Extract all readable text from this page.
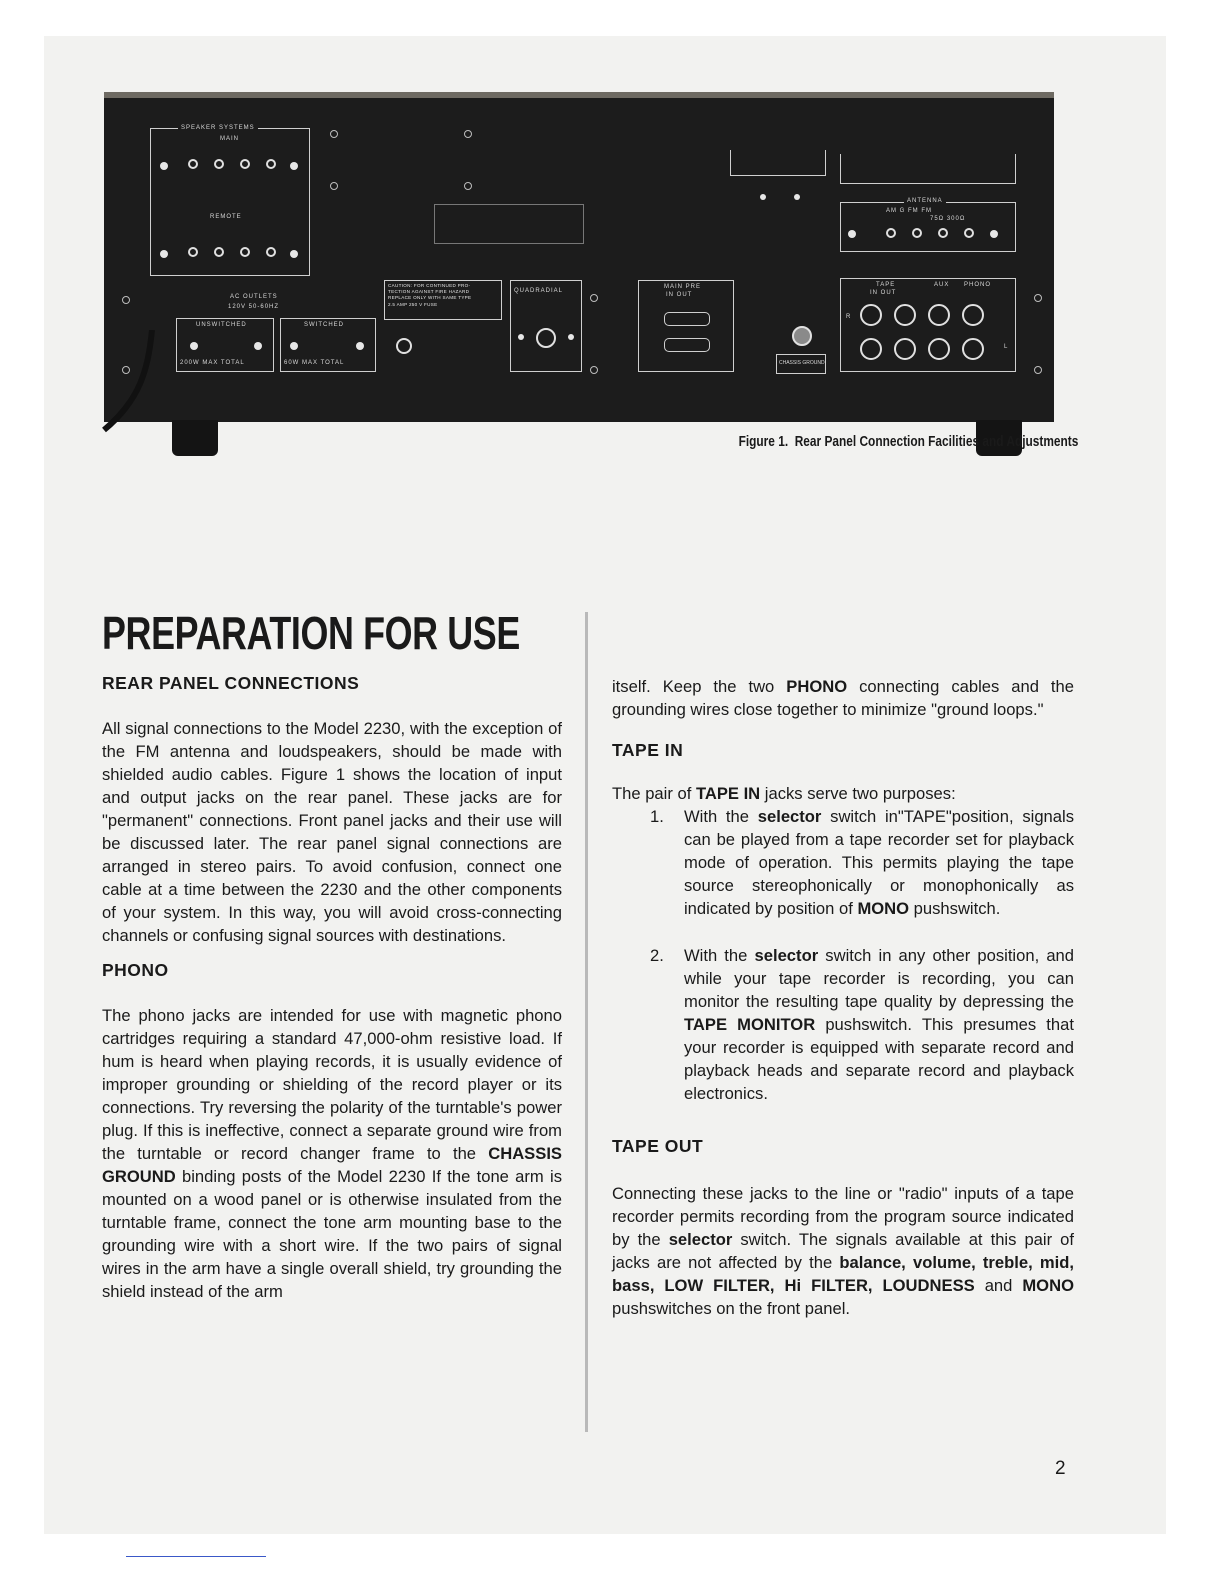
SPEAKER SYSTEMS
MAIN
REMOTE
AC OUTLETS
120V 50-60HZ
UNSWITCHED	SWITCHED
200W MAX TOTAL	60W MAX TOTAL
CAUTION: FOR CONTINUED PRO-
TECTION AGAINST FIRE HAZARD
REPLACE ONLY WITH SAME TYPE
2.5 AMP 250 V FUSE
QUADRADIAL
MAIN PRE
IN OUT
CHASSIS GROUND
ANTENNA
AM G FM FM
75Ω 300Ω
TAPE	AUX PHONO
IN OUT
R
L
Figure 1. Rear Panel Connection Facilities and Adjustments
PREPARATION FOR USE

REAR PANEL CONNECTIONS

All signal connections to the Model 2230, with the exception of the FM antenna and loudspeakers, should be made with shielded audio cables. Figure 1 shows the location of input and output jacks on the rear panel. These jacks are for "permanent" connections. Front panel jacks and their use will be discussed later. The rear panel signal connections are arranged in stereo pairs. To avoid confusion, connect one cable at a time between the 2230 and the other components of your system. In this way, you will avoid cross-connecting channels or confusing signal sources with destinations.

PHONO

The phono jacks are intended for use with magnetic phono cartridges requiring a standard 47,000-ohm resistive load. If hum is heard when playing records, it is usually evidence of improper grounding or shielding of the record player or its connections. Try reversing the polarity of the turntable's power plug. If this is ineffective, connect a separate ground wire from the turntable or record changer frame to the CHASSIS GROUND binding posts of the Model 2230 If the tone arm is mounted on a wood panel or is otherwise insulated from the turntable frame, connect the tone arm mounting base to the grounding wire with a short wire. If the two pairs of signal wires in the arm have a single overall shield, try grounding the shield instead of the arm

itself. Keep the two PHONO connecting cables and the grounding wires close together to minimize "ground loops."

TAPE IN

The pair of TAPE IN jacks serve two purposes:

1. With the selector switch in"TAPE"position, signals can be played from a tape recorder set for playback mode of operation. This permits playing the tape source stereophonically or monophonically as indicated by position of MONO pushswitch.
2. With the selector switch in any other position, and while your tape recorder is recording, you can monitor the resulting tape quality by depressing the TAPE MONITOR pushswitch. This presumes that your recorder is equipped with separate record and playback heads and separate record and playback electronics.

TAPE OUT

Connecting these jacks to the line or "radio" inputs of a tape recorder permits recording from the program source indicated by the selector switch. The signals available at this pair of jacks are not affected by the balance, volume, treble, mid, bass, LOW FILTER, Hi FILTER, LOUDNESS and MONO pushswitches on the front panel.

2
